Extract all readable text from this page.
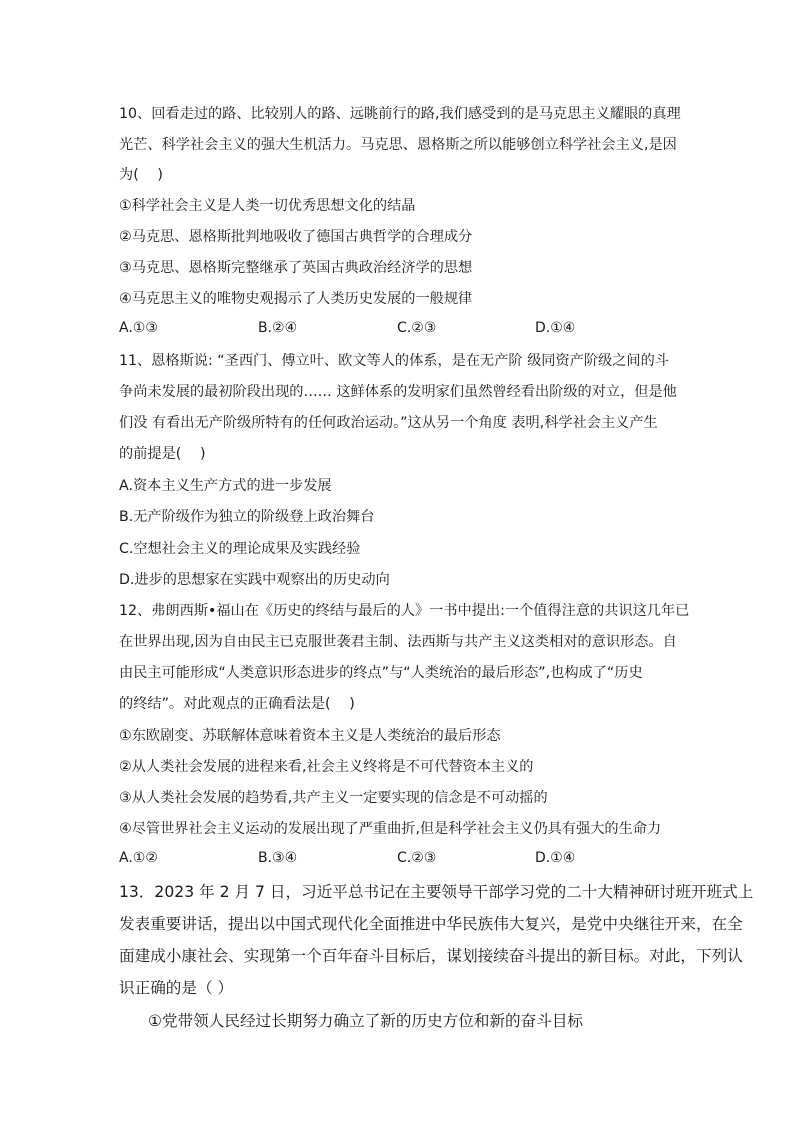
10、回看走过的路、比较别人的路、远眺前行的路,我们感受到的是马克思主义耀眼的真理
光芒、科学社会主义的强大生机活力。马克思、恩格斯之所以能够创立科学社会主义,是因
为(　 )
①科学社会主义是人类一切优秀思想文化的结晶
②马克思、恩格斯批判地吸收了德国古典哲学的合理成分
③马克思、恩格斯完整继承了英国古典政治经济学的思想
④马克思主义的唯物史观揭示了人类历史发展的一般规律
A.①③	B.②④	C.②③	D.①④
11、恩格斯说: “圣西门、傅立叶、欧文等人的体系，是在无产阶 级同资产阶级之间的斗
争尚未发展的最初阶段出现的…… 这鲜体系的发明家们虽然曾经看出阶级的对立，但是他
们没 有看出无产阶级所特有的任何政治运动。”这从另一个角度 表明,科学社会主义产生
的前提是(　 )
A.资本主义生产方式的进一步发展
B.无产阶级作为独立的阶级登上政治舞台
C.空想社会主义的理论成果及实践经验
D.进步的思想家在实践中观察出的历史动向
12、弗朗西斯•福山在《历史的终结与最后的人》一书中提出:一个值得注意的共识这几年已
在世界出现,因为自由民主已克服世袭君主制、法西斯与共产主义这类相对的意识形态。自
由民主可能形成“人类意识形态进步的终点”与“人类统治的最后形态”,也构成了“历史
的终结”。对此观点的正确看法是(　 )
①东欧剧变、苏联解体意味着资本主义是人类统治的最后形态
②从人类社会发展的进程来看,社会主义终将是不可代替资本主义的
③从人类社会发展的趋势看,共产主义一定要实现的信念是不可动摇的
④尽管世界社会主义运动的发展出现了严重曲折,但是科学社会主义仍具有强大的生命力
A.①②	B.③④	C.②③	D.①④
13．2023 年 2 月 7 日，习近平总书记在主要领导干部学习党的二十大精神研讨班开班式上
发表重要讲话，提出以中国式现代化全面推进中华民族伟大复兴，是党中央继往开来，在全
面建成小康社会、实现第一个百年奋斗目标后，谋划接续奋斗提出的新目标。对此，下列认
识正确的是（ ）
①党带领人民经过长期努力确立了新的历史方位和新的奋斗目标
